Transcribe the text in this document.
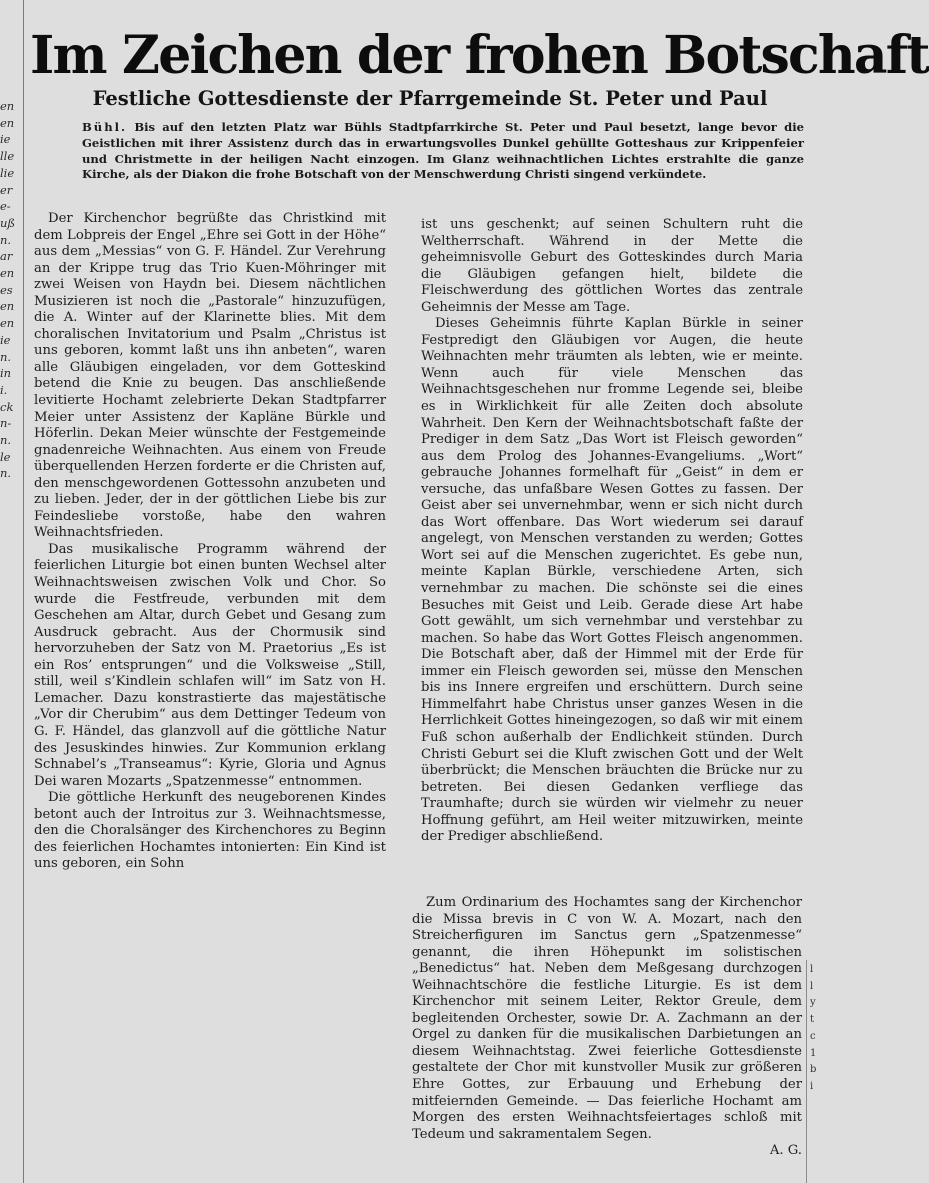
en
en
ie
lle
lie
er
e-
uß
n.
ar
en
es
en
en
ie
n.
in
i.
ck
n-
n.
le
n.
l
l
y
t
c
1
b
i
Im Zeichen der frohen Botschaft
Festliche Gottesdienste der Pfarrgemeinde St. Peter und Paul
Bühl. Bis auf den letzten Platz war Bühls Stadtpfarrkirche St. Peter und Paul besetzt, lange bevor die Geistlichen mit ihrer Assistenz durch das in erwartungsvolles Dunkel gehüllte Gotteshaus zur Krippenfeier und Christmette in der heiligen Nacht einzogen. Im Glanz weihnachtlichen Lichtes erstrahlte die ganze Kirche, als der Diakon die frohe Botschaft von der Menschwerdung Christi singend verkündete.

Der Kirchenchor begrüßte das Christkind mit dem Lobpreis der Engel „Ehre sei Gott in der Höhe“ aus dem „Messias“ von G. F. Händel. Zur Verehrung an der Krippe trug das Trio Kuen-Möhringer mit zwei Weisen von Haydn bei. Diesem nächtlichen Musizieren ist noch die „Pastorale“ hinzuzufügen, die A. Winter auf der Klarinette blies. Mit dem choralischen Invitatorium und Psalm „Christus ist uns geboren, kommt laßt uns ihn anbeten“, waren alle Gläubigen eingeladen, vor dem Gotteskind betend die Knie zu beugen. Das anschließende levitierte Hochamt zelebrierte Dekan Stadtpfarrer Meier unter Assistenz der Kapläne Bürkle und Höferlin. Dekan Meier wünschte der Festgemeinde gnadenreiche Weihnachten. Aus einem von Freude überquellenden Herzen forderte er die Christen auf, den menschgewordenen Gottessohn anzubeten und zu lieben. Jeder, der in der göttlichen Liebe bis zur Feindesliebe vorstoße, habe den wahren Weihnachtsfrieden.

Das musikalische Programm während der feierlichen Liturgie bot einen bunten Wechsel alter Weihnachtsweisen zwischen Volk und Chor. So wurde die Festfreude, verbunden mit dem Geschehen am Altar, durch Gebet und Gesang zum Ausdruck gebracht. Aus der Chormusik sind hervorzuheben der Satz von M. Praetorius „Es ist ein Ros’ entsprungen“ und die Volksweise „Still, still, weil s’Kindlein schlafen will“ im Satz von H. Lemacher. Dazu konstrastierte das majestätische „Vor dir Cherubim“ aus dem Dettinger Tedeum von G. F. Händel, das glanzvoll auf die göttliche Natur des Jesuskindes hinwies. Zur Kommunion erklang Schnabel’s „Transeamus“: Kyrie, Gloria und Agnus Dei waren Mozarts „Spatzenmesse“ entnommen.

Die göttliche Herkunft des neugeborenen Kindes betont auch der Introitus zur 3. Weihnachtsmesse, den die Choralsänger des Kirchenchores zu Beginn des feierlichen Hochamtes intonierten: Ein Kind ist uns geboren, ein Sohn

ist uns geschenkt; auf seinen Schultern ruht die Weltherrschaft. Während in der Mette die geheimnisvolle Geburt des Gotteskindes durch Maria die Gläubigen gefangen hielt, bildete die Fleischwerdung des göttlichen Wortes das zentrale Geheimnis der Messe am Tage.

Dieses Geheimnis führte Kaplan Bürkle in seiner Festpredigt den Gläubigen vor Augen, die heute Weihnachten mehr träumten als lebten, wie er meinte. Wenn auch für viele Menschen das Weihnachtsgeschehen nur fromme Legende sei, bleibe es in Wirklichkeit für alle Zeiten doch absolute Wahrheit. Den Kern der Weihnachtsbotschaft faßte der Prediger in dem Satz „Das Wort ist Fleisch geworden“ aus dem Prolog des Johannes-Evangeliums. „Wort“ gebrauche Johannes formelhaft für „Geist“ in dem er versuche, das unfaßbare Wesen Gottes zu fassen. Der Geist aber sei unvernehmbar, wenn er sich nicht durch das Wort offenbare. Das Wort wiederum sei darauf angelegt, von Menschen verstanden zu werden; Gottes Wort sei auf die Menschen zugerichtet. Es gebe nun, meinte Kaplan Bürkle, verschiedene Arten, sich vernehmbar zu machen. Die schönste sei die eines Besuches mit Geist und Leib. Gerade diese Art habe Gott gewählt, um sich vernehmbar und verstehbar zu machen. So habe das Wort Gottes Fleisch angenommen. Die Botschaft aber, daß der Himmel mit der Erde für immer ein Fleisch geworden sei, müsse den Menschen bis ins Innere ergreifen und erschüttern. Durch seine Himmelfahrt habe Christus unser ganzes Wesen in die Herrlichkeit Gottes hineingezogen, so daß wir mit einem Fuß schon außerhalb der Endlichkeit stünden. Durch Christi Geburt sei die Kluft zwischen Gott und der Welt überbrückt; die Menschen bräuchten die Brücke nur zu betreten. Bei diesen Gedanken verfliege das Traumhafte; durch sie würden wir vielmehr zu neuer Hoffnung geführt, am Heil weiter mitzuwirken, meinte der Prediger abschließend.

Zum Ordinarium des Hochamtes sang der Kirchenchor die Missa brevis in C von W. A. Mozart, nach den Streicherfiguren im Sanctus gern „Spatzenmesse“ genannt, die ihren Höhepunkt im solistischen „Benedictus“ hat. Neben dem Meßgesang durchzogen Weihnachtschöre die festliche Liturgie. Es ist dem Kirchenchor mit seinem Leiter, Rektor Greule, dem begleitenden Orchester, sowie Dr. A. Zachmann an der Orgel zu danken für die musikalischen Darbietungen an diesem Weihnachtstag. Zwei feierliche Gottesdienste gestaltete der Chor mit kunstvoller Musik zur größeren Ehre Gottes, zur Erbauung und Erhebung der mitfeiernden Gemeinde. — Das feierliche Hochamt am Morgen des ersten Weihnachtsfeiertages schloß mit Tedeum und sakramentalem Segen.

A. G.
